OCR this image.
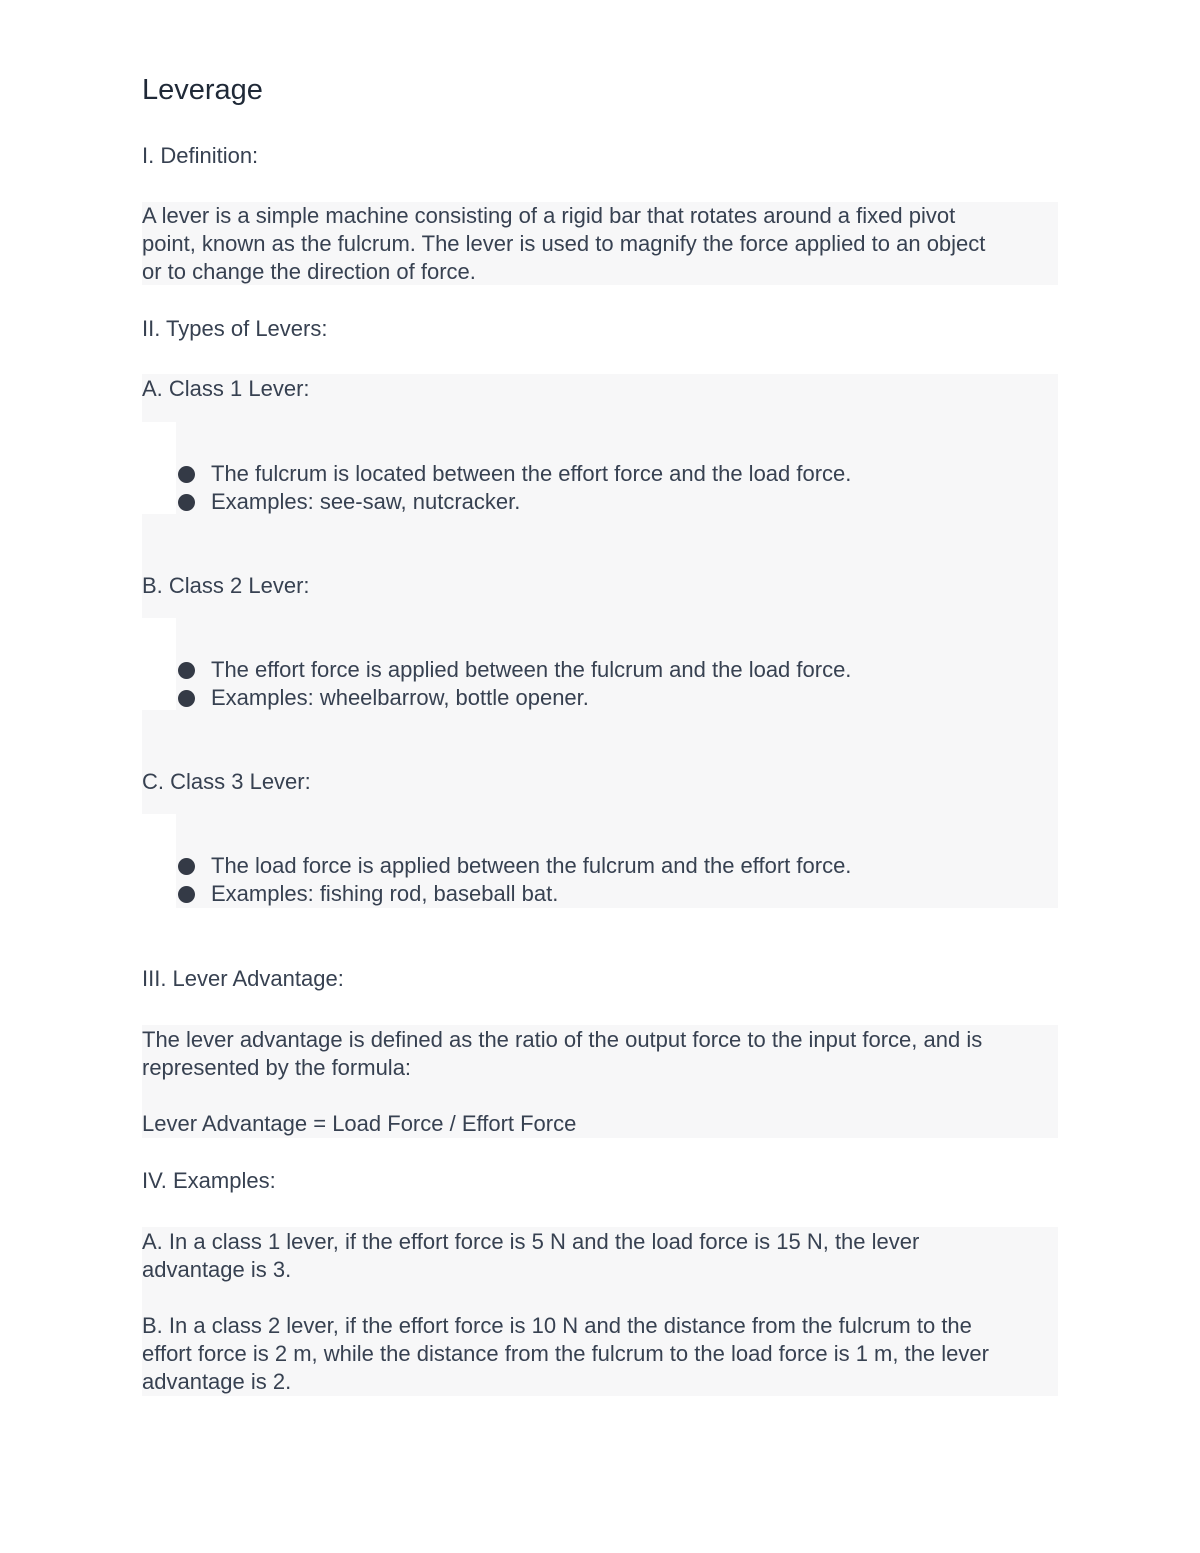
Leverage
I. Definition:
A lever is a simple machine consisting of a rigid bar that rotates around a fixed pivot
point, known as the fulcrum. The lever is used to magnify the force applied to an object
or to change the direction of force.
II. Types of Levers:
A. Class 1 Lever:
The fulcrum is located between the effort force and the load force.
Examples: see-saw, nutcracker.
B. Class 2 Lever:
The effort force is applied between the fulcrum and the load force.
Examples: wheelbarrow, bottle opener.
C. Class 3 Lever:
The load force is applied between the fulcrum and the effort force.
Examples: fishing rod, baseball bat.
III. Lever Advantage:
The lever advantage is defined as the ratio of the output force to the input force, and is
represented by the formula:
Lever Advantage = Load Force / Effort Force
IV. Examples:
A. In a class 1 lever, if the effort force is 5 N and the load force is 15 N, the lever
advantage is 3.
B. In a class 2 lever, if the effort force is 10 N and the distance from the fulcrum to the
effort force is 2 m, while the distance from the fulcrum to the load force is 1 m, the lever
advantage is 2.
